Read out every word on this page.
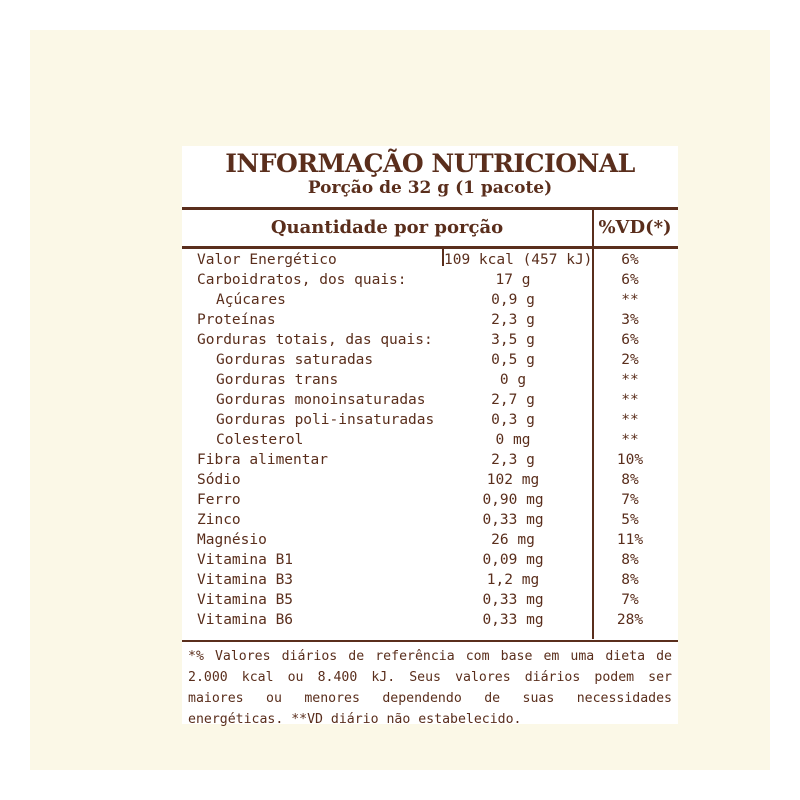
INFORMAÇÃO NUTRICIONAL
Porção de 32 g (1 pacote)
Quantidade por porção	%VD(*)
Valor Energético	109 kcal (457 kJ)	6%
Carboidratos, dos quais:	17 g	6%
Açúcares	0,9 g	**
Proteínas	2,3 g	3%
Gorduras totais, das quais:	3,5 g	6%
Gorduras saturadas	0,5 g	2%
Gorduras trans	0 g	**
Gorduras monoinsaturadas	2,7 g	**
Gorduras poli-insaturadas	0,3 g	**
Colesterol	0 mg	**
Fibra alimentar	2,3 g	10%
Sódio	102 mg	8%
Ferro	0,90 mg	7%
Zinco	0,33 mg	5%
Magnésio	26 mg	11%
Vitamina B1	0,09 mg	8%
Vitamina B3	1,2 mg	8%
Vitamina B5	0,33 mg	7%
Vitamina B6	0,33 mg	28%

*% Valores diários de referência com base em uma dieta de 2.000 kcal ou 8.400 kJ. Seus valores diários podem ser maiores ou menores dependendo de suas necessidades energéticas. **VD diário não estabelecido.
